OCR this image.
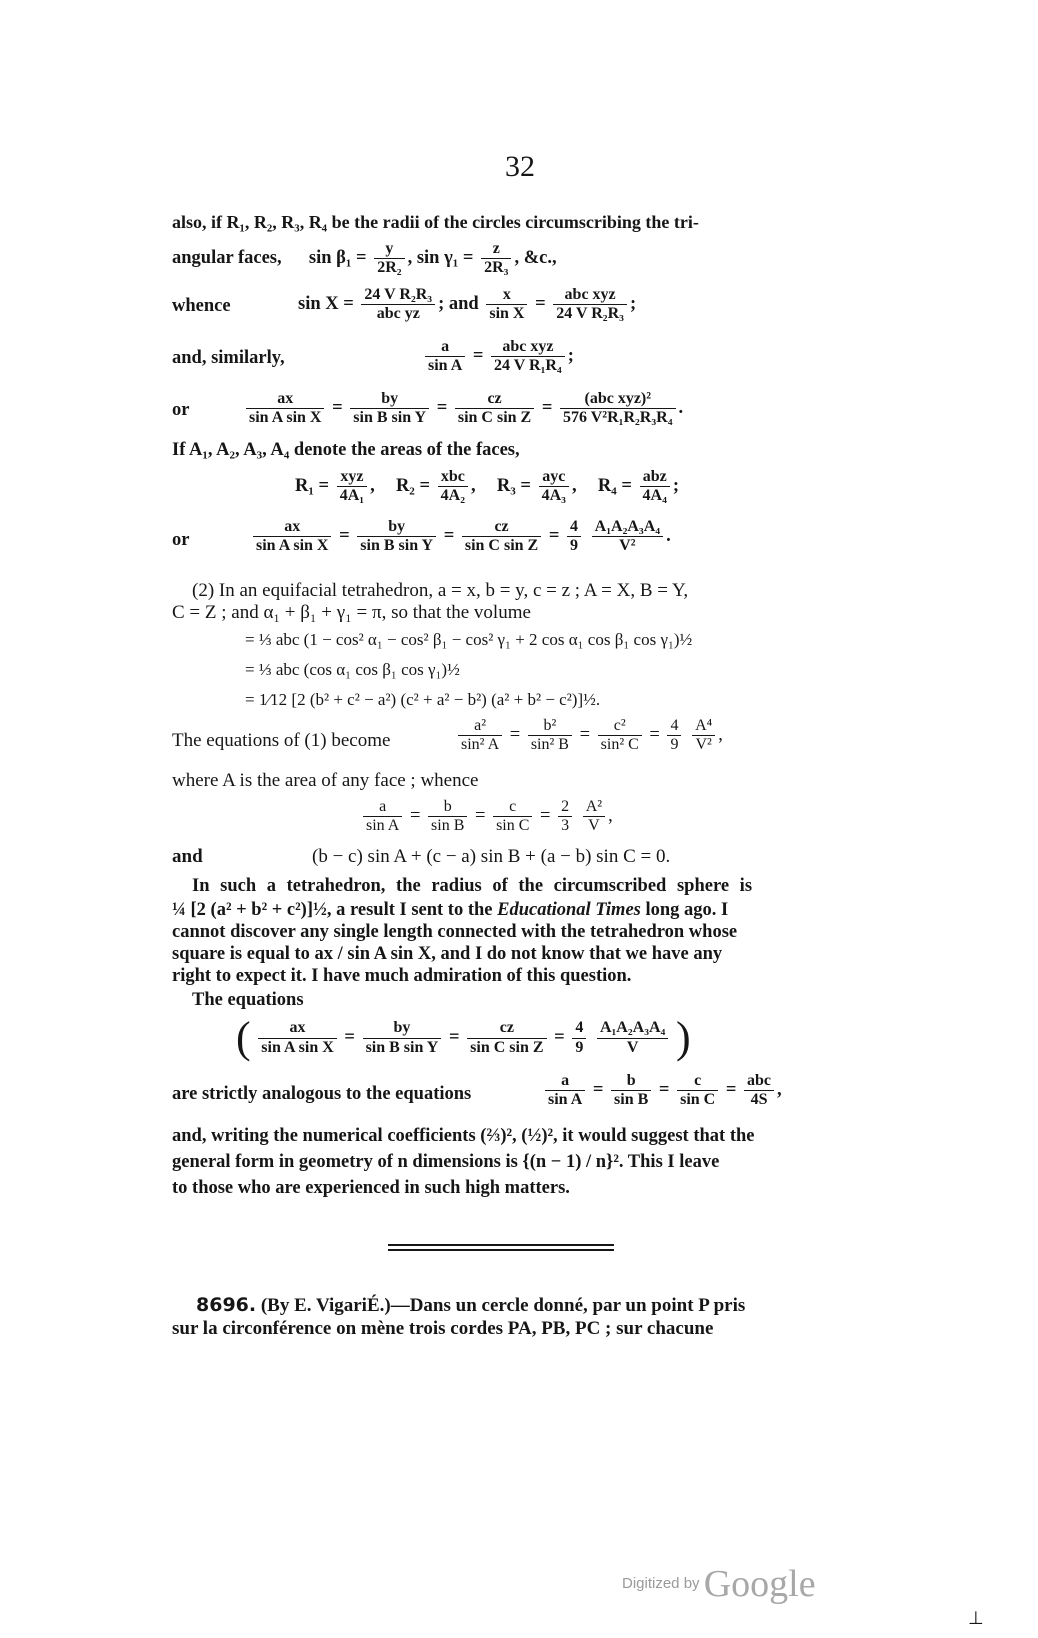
32
also, if R₁, R₂, R₃, R₄ be the radii of the circles circumscribing the tri-
angular faces, $\sin \beta_1 = \frac{y}{\text{2R₂}}$ , $\sin \gamma_1 = \frac{z}{\text{2R₃}}$ , &c.,
whence	$\sin X = \frac{\text{24 V R₂R₃}}{\text{abc yz}}$ ; and $\frac{x}{\text{sin X}} = \frac{\text{abc xyz}}{\text{24 V R₂R₃}}$ ;
and, similarly,	$\frac{a}{\text{sin A}} = \frac{\text{abc xyz}}{\text{24 V R₁R₄}}$ ;
or	$\frac{ax}{\text{sin A sin X}} = \frac{by}{\text{sin B sin Y}} = \frac{cz}{\text{sin C sin Z}} = \frac{\text{(abc xyz)²}}{\text{576 V²R₁R₂R₃R₄}}$ .
If A₁, A₂, A₃, A₄ denote the areas of the faces,
$R_1 = \frac{\text{xyz}}{\text{4A₁}}$ , $R_2 = \frac{\text{xbc}}{\text{4A₂}}$ , $R_3 = \frac{\text{ayc}}{\text{4A₃}}$ , $R_4 = \frac{\text{abz}}{\text{4A₄}}$ ;
or	$\frac{ax}{\text{sin A sin X}} = \frac{by}{\text{sin B sin Y}} = \frac{cz}{\text{sin C sin Z}} = \frac{4}{9}$
$\frac{\text{A₁A₂A₃A₄}}{\text{V²}}$ .
(2) In an equifacial tetrahedron, a = x, b = y, c = z ; A = X, B = Y,
C = Z ; and α₁ + β₁ + γ₁ = π, so that the volume
= ⅓ abc (1 − cos² α₁ − cos² β₁ − cos² γ₁ + 2 cos α₁ cos β₁ cos γ₁)½
= ⅓ abc (cos α₁ cos β₁ cos γ₁)½
= 1⁄12 [2 (b² + c² − a²) (c² + a² − b²) (a² + b² − c²)]½.
The equations of (1) become	$\frac{\text{a²}}{\text{sin² A}} = \frac{\text{b²}}{\text{sin² B}} = \frac{\text{c²}}{\text{sin² C}} = \frac{4}{9}$
$\frac{\text{A⁴}}{\text{V²}}$ ,
where A is the area of any face ; whence
$\frac{a}{\text{sin A}} = \frac{b}{\text{sin B}} = \frac{c}{\text{sin C}} = \frac{2}{3}$
$\frac{\text{A²}}{V}$ ,
and	(b − c) sin A + (c − a) sin B + (a − b) sin C = 0.
In such a tetrahedron, the radius of the circumscribed sphere is
¼ [2 (a² + b² + c²)]½, a result I sent to the Educational Times long ago. I
cannot discover any single length connected with the tetrahedron whose
square is equal to ax / sin A sin X, and I do not know that we have any
right to expect it. I have much admiration of this question.
The equations
( $\frac{ax}{\text{sin A sin X}} = \frac{by}{\text{sin B sin Y}} = \frac{cz}{\text{sin C sin Z}} = \frac{4}{9}$
$\frac{\text{A₁A₂A₃A₄}}{V}$ )
are strictly analogous to the equations	$\frac{a}{\text{sin A}} = \frac{b}{\text{sin B}} = \frac{c}{\text{sin C}} = \frac{\text{abc}}{4S}$ ,
and, writing the numerical coefficients (⅔)², (½)², it would suggest that the
general form in geometry of n dimensions is {(n − 1) / n}². This I leave
to those who are experienced in such high matters.
8696. (By E. VigariÉ.)—Dans un cercle donné, par un point P pris
sur la circonférence on mène trois cordes PA, PB, PC ; sur chacune
Digitized by Google
⊥
